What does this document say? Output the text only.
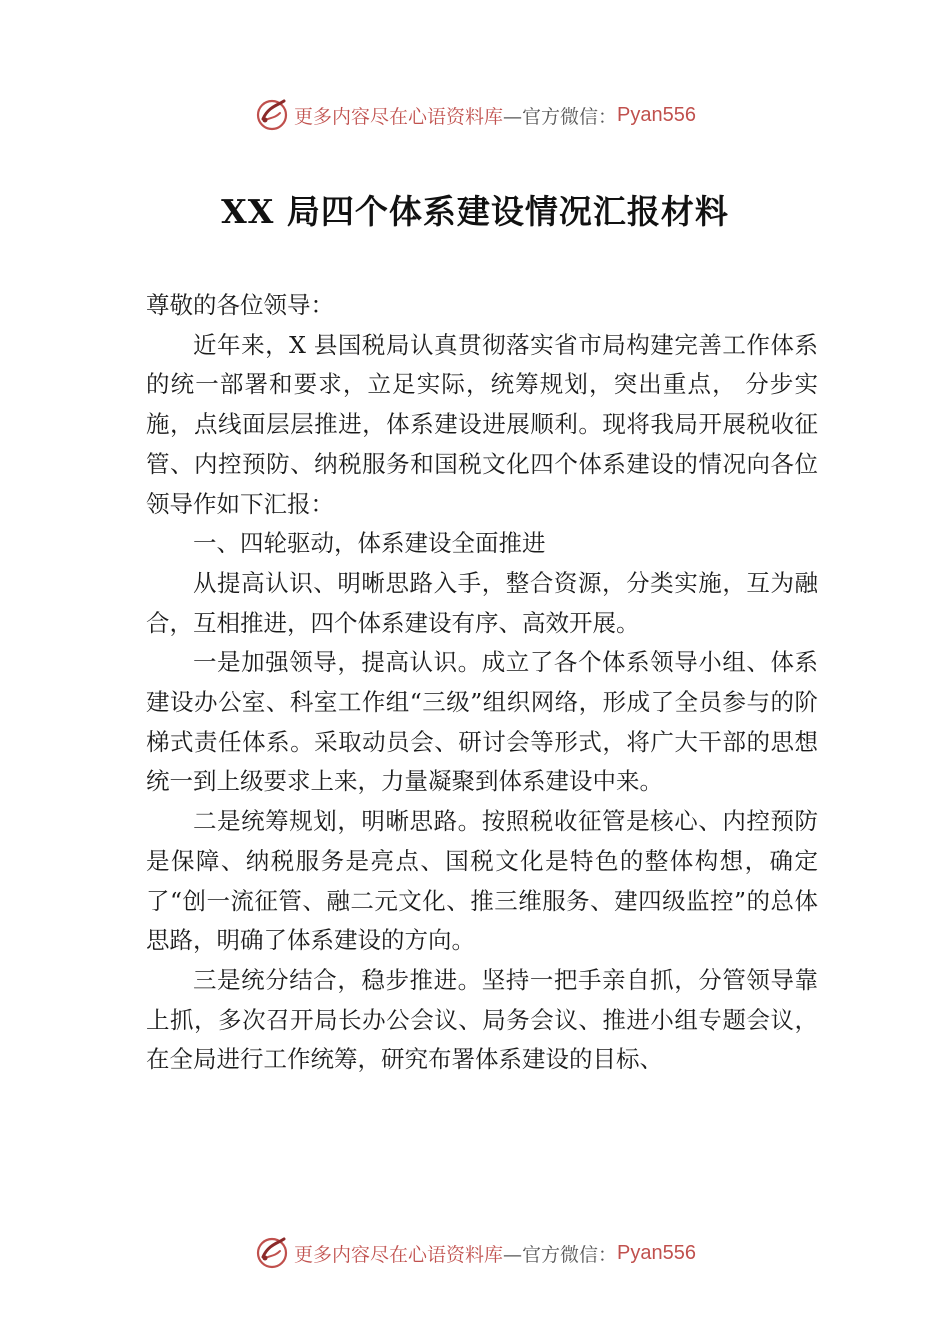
更多内容尽在心语资料库 —官方微信： Pyan556
XX 局四个体系建设情况汇报材料

尊敬的各位领导：

近年来，X 县国税局认真贯彻落实省市局构建完善工作体系的统一部署和要求，立足实际，统筹规划，突出重点， 分步实施，点线面层层推进，体系建设进展顺利。现将我局开展税收征管、内控预防、纳税服务和国税文化四个体系建设的情况向各位领导作如下汇报：

一、四轮驱动，体系建设全面推进

从提高认识、明晰思路入手，整合资源，分类实施，互为融合，互相推进，四个体系建设有序、高效开展。

一是加强领导，提高认识。成立了各个体系领导小组、体系建设办公室、科室工作组“三级”组织网络，形成了全员参与的阶梯式责任体系。采取动员会、研讨会等形式，将广大干部的思想统一到上级要求上来，力量凝聚到体系建设中来。

二是统筹规划，明晰思路。按照税收征管是核心、内控预防是保障、纳税服务是亮点、国税文化是特色的整体构想，确定了“创一流征管、融二元文化、推三维服务、建四级监控”的总体思路，明确了体系建设的方向。

三是统分结合，稳步推进。坚持一把手亲自抓，分管领导靠上抓，多次召开局长办公会议、局务会议、推进小组专题会议，在全局进行工作统筹，研究布署体系建设的目标、

更多内容尽在心语资料库 —官方微信： Pyan556
